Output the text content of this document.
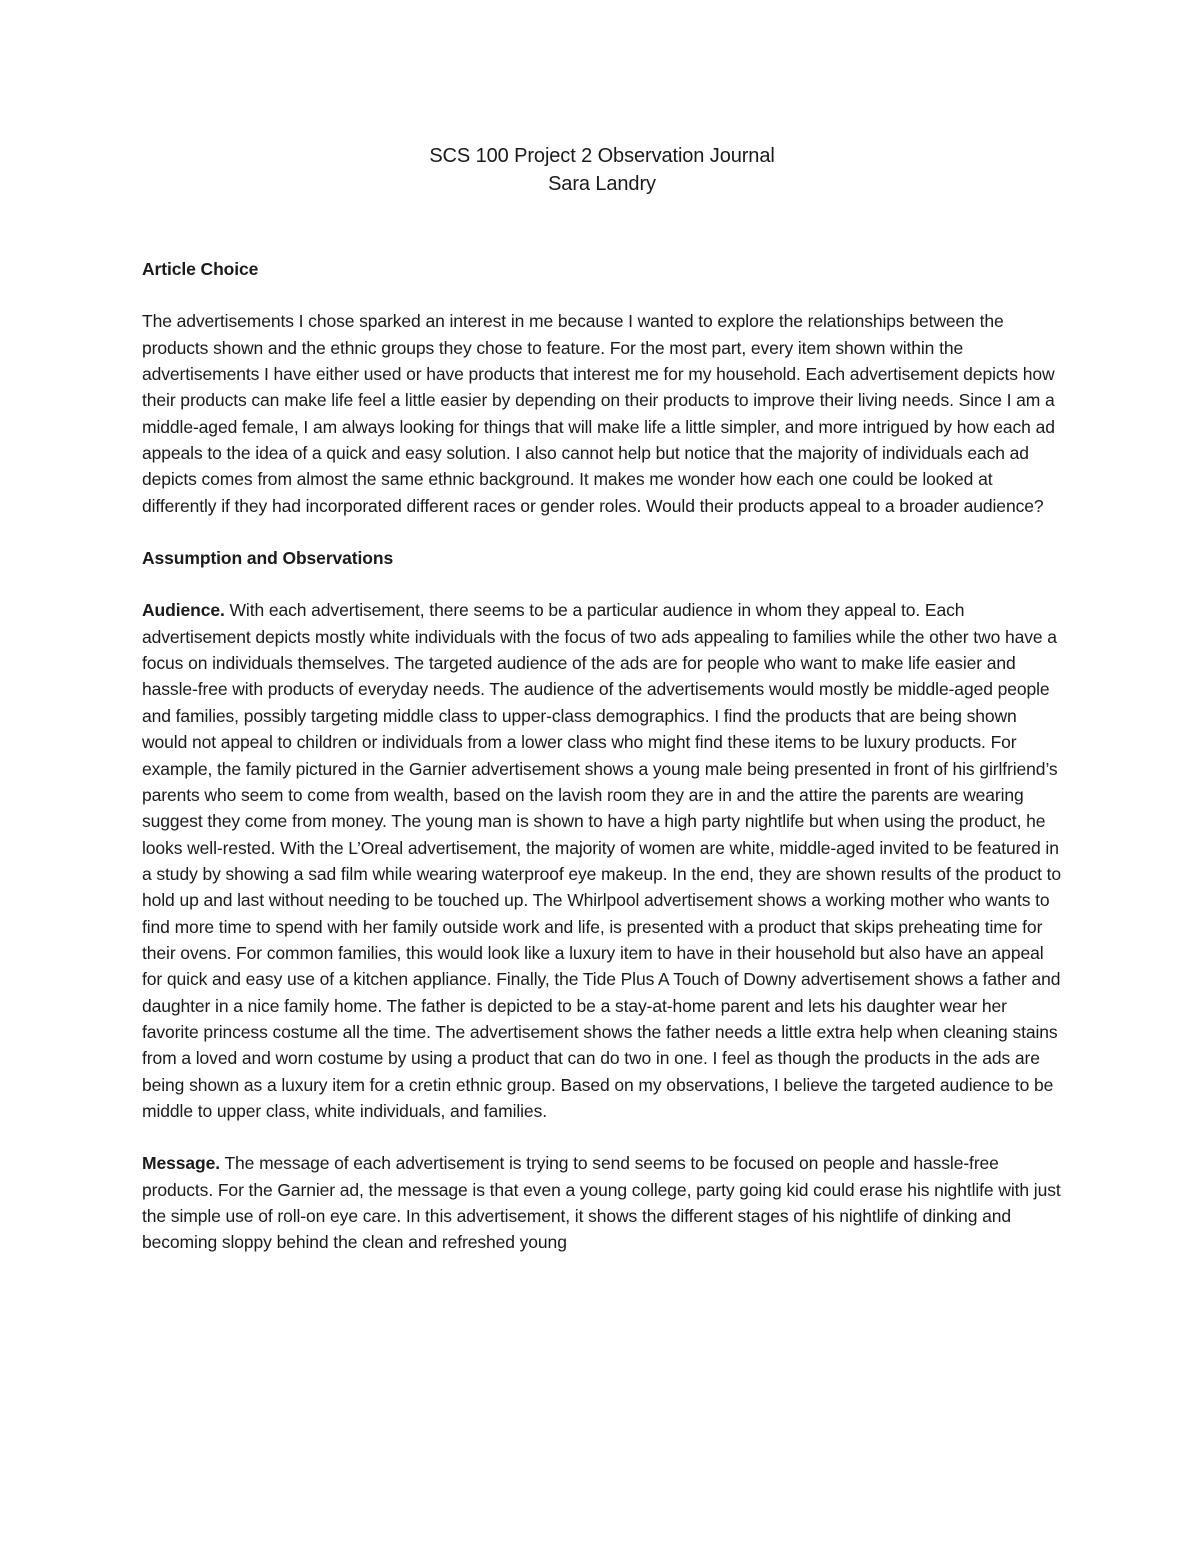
SCS 100 Project 2 Observation Journal
Sara Landry
Article Choice

The advertisements I chose sparked an interest in me because I wanted to explore the relationships between the products shown and the ethnic groups they chose to feature. For the most part, every item shown within the advertisements I have either used or have products that interest me for my household. Each advertisement depicts how their products can make life feel a little easier by depending on their products to improve their living needs. Since I am a middle-aged female, I am always looking for things that will make life a little simpler, and more intrigued by how each ad appeals to the idea of a quick and easy solution. I also cannot help but notice that the majority of individuals each ad depicts comes from almost the same ethnic background. It makes me wonder how each one could be looked at differently if they had incorporated different races or gender roles. Would their products appeal to a broader audience?

Assumption and Observations

Audience. With each advertisement, there seems to be a particular audience in whom they appeal to. Each advertisement depicts mostly white individuals with the focus of two ads appealing to families while the other two have a focus on individuals themselves. The targeted audience of the ads are for people who want to make life easier and hassle-free with products of everyday needs. The audience of the advertisements would mostly be middle-aged people and families, possibly targeting middle class to upper-class demographics. I find the products that are being shown would not appeal to children or individuals from a lower class who might find these items to be luxury products. For example, the family pictured in the Garnier advertisement shows a young male being presented in front of his girlfriend’s parents who seem to come from wealth, based on the lavish room they are in and the attire the parents are wearing suggest they come from money. The young man is shown to have a high party nightlife but when using the product, he looks well-rested. With the L’Oreal advertisement, the majority of women are white, middle-aged invited to be featured in a study by showing a sad film while wearing waterproof eye makeup. In the end, they are shown results of the product to hold up and last without needing to be touched up. The Whirlpool advertisement shows a working mother who wants to find more time to spend with her family outside work and life, is presented with a product that skips preheating time for their ovens. For common families, this would look like a luxury item to have in their household but also have an appeal for quick and easy use of a kitchen appliance. Finally, the Tide Plus A Touch of Downy advertisement shows a father and daughter in a nice family home. The father is depicted to be a stay-at-home parent and lets his daughter wear her favorite princess costume all the time. The advertisement shows the father needs a little extra help when cleaning stains from a loved and worn costume by using a product that can do two in one. I feel as though the products in the ads are being shown as a luxury item for a cretin ethnic group. Based on my observations, I believe the targeted audience to be middle to upper class, white individuals, and families.

Message. The message of each advertisement is trying to send seems to be focused on people and hassle-free products. For the Garnier ad, the message is that even a young college, party going kid could erase his nightlife with just the simple use of roll-on eye care. In this advertisement, it shows the different stages of his nightlife of dinking and becoming sloppy behind the clean and refreshed young
